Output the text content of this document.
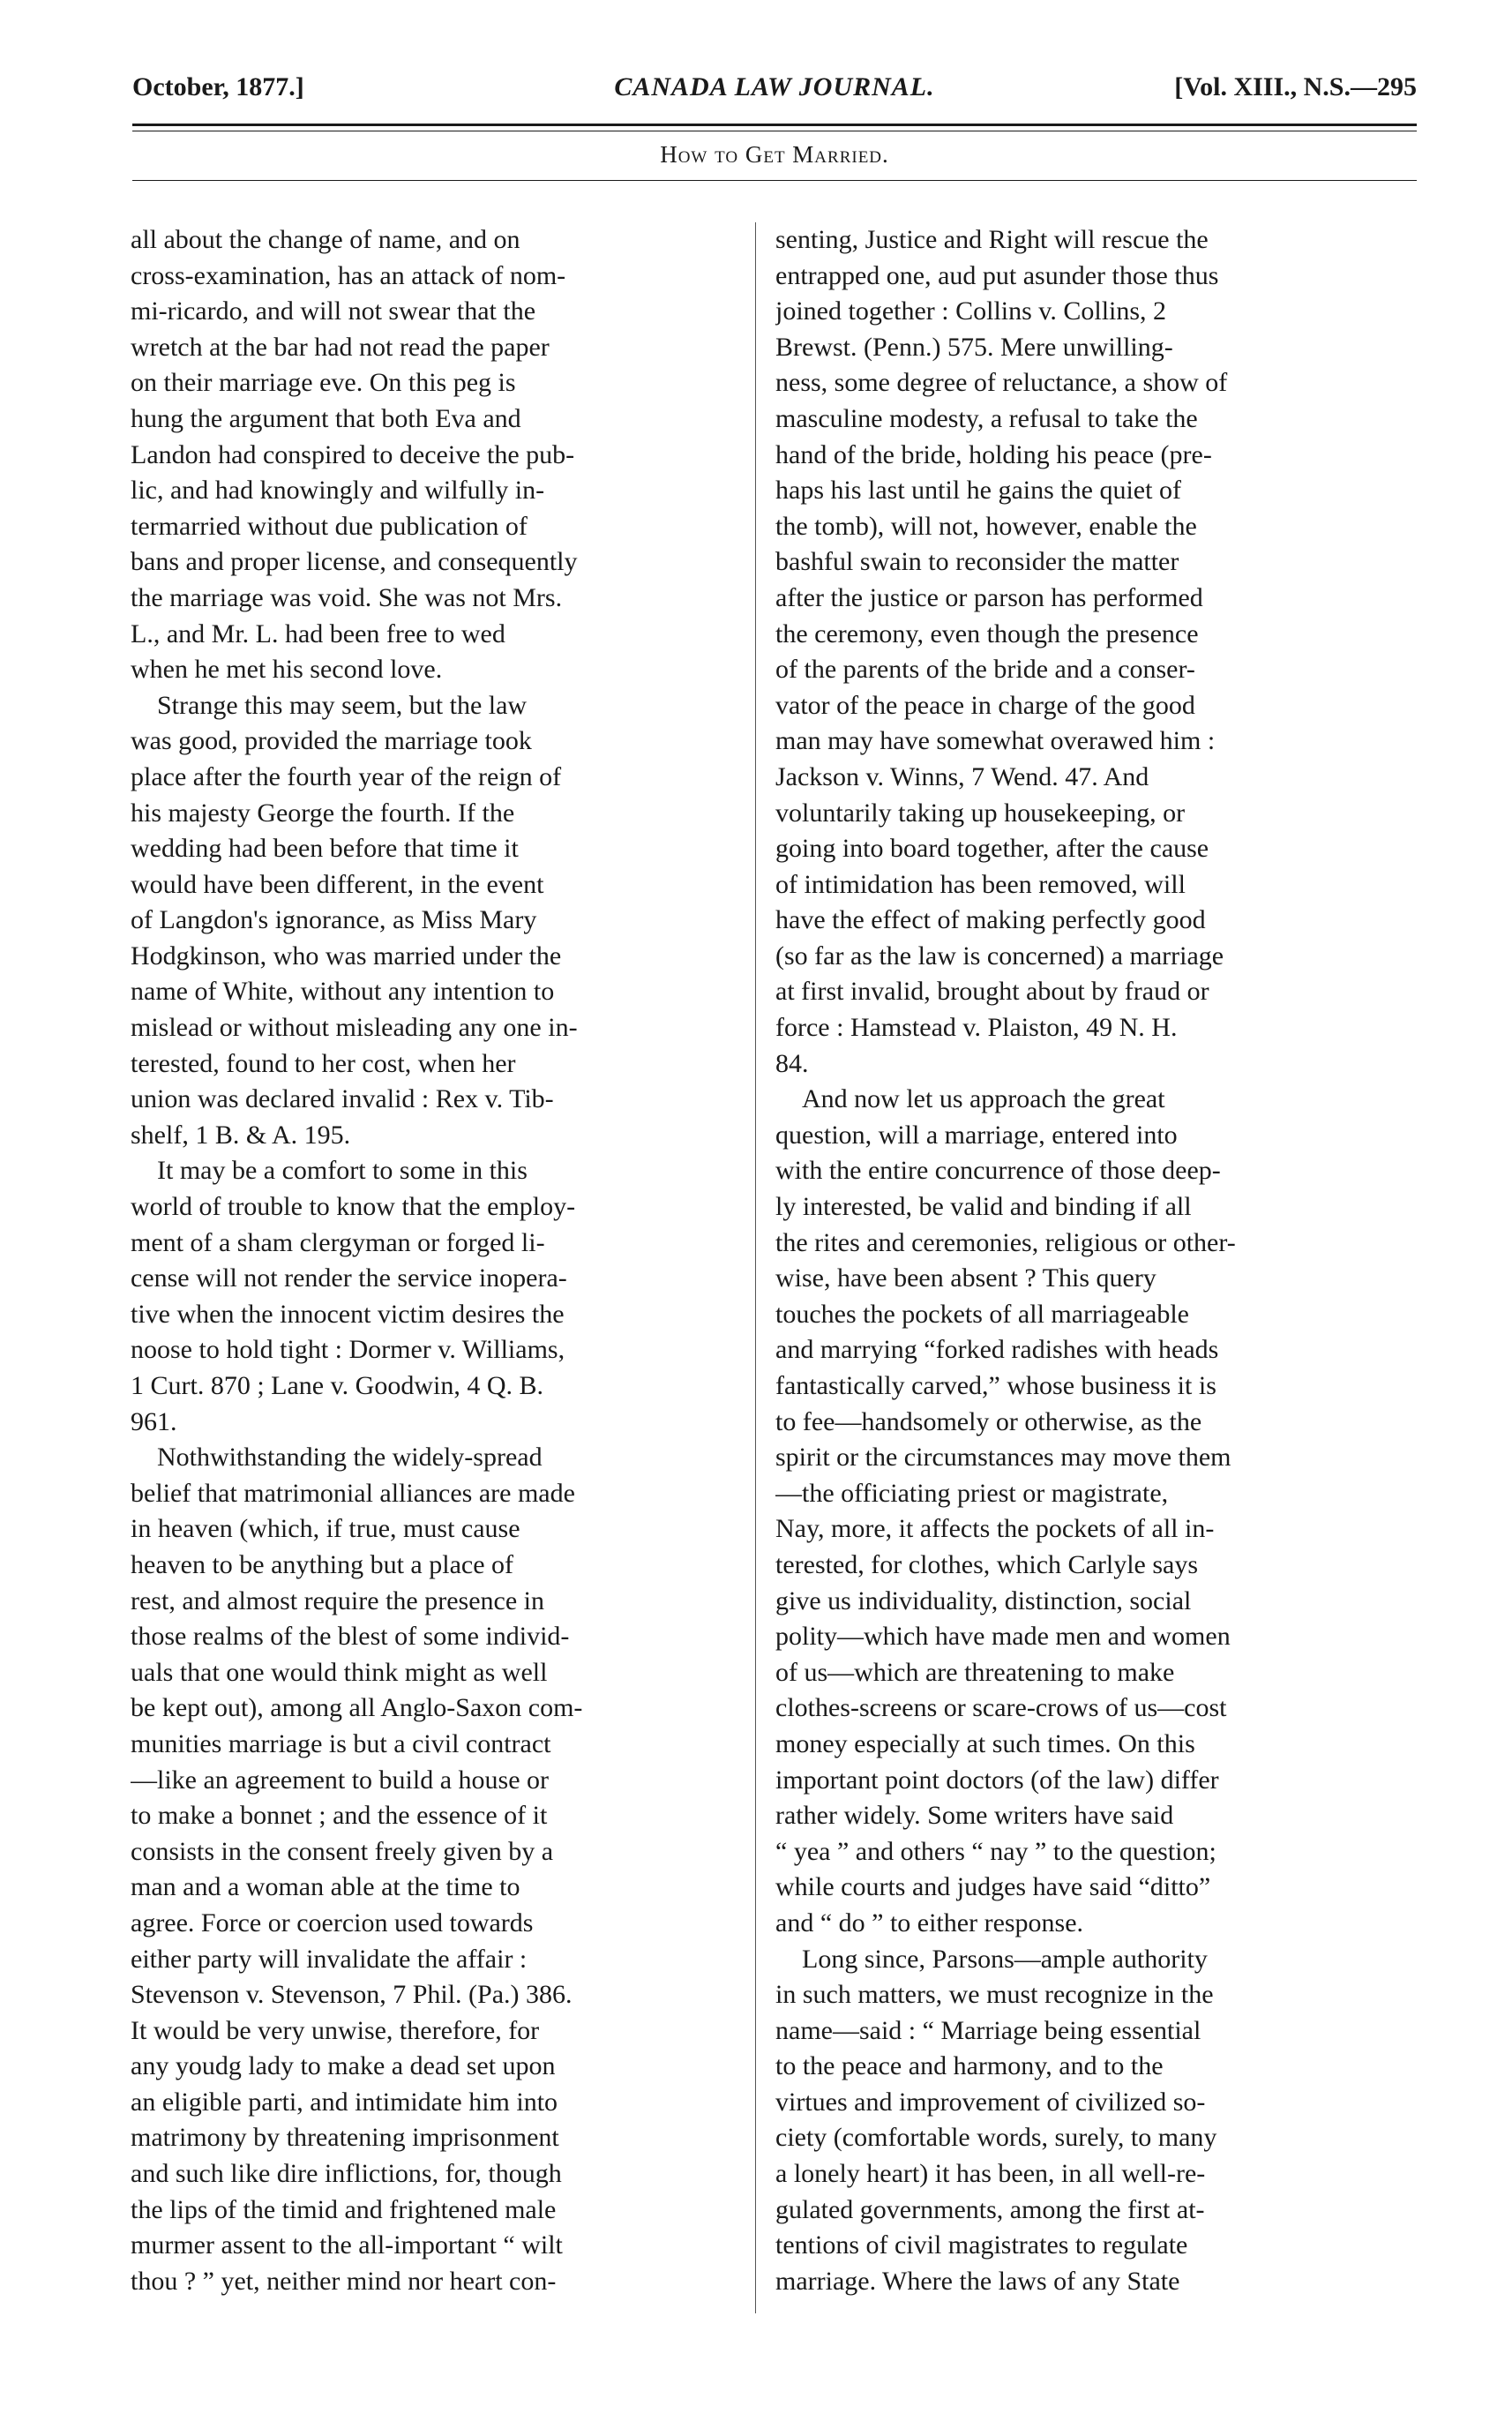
October, 1877.]	CANADA LAW JOURNAL.	[Vol. XIII., N.S.—295
How to Get Married.
all about the change of name, and on
cross-examination, has an attack of nom-
mi-ricardo, and will not swear that the
wretch at the bar had not read the paper
on their marriage eve. On this peg is
hung the argument that both Eva and
Landon had conspired to deceive the pub-
lic, and had knowingly and wilfully in-
termarried without due publication of
bans and proper license, and consequently
the marriage was void. She was not Mrs.
L., and Mr. L. had been free to wed
when he met his second love.
Strange this may seem, but the law
was good, provided the marriage took
place after the fourth year of the reign of
his majesty George the fourth. If the
wedding had been before that time it
would have been different, in the event
of Langdon's ignorance, as Miss Mary
Hodgkinson, who was married under the
name of White, without any intention to
mislead or without misleading any one in-
terested, found to her cost, when her
union was declared invalid : Rex v. Tib-
shelf, 1 B. & A. 195.
It may be a comfort to some in this
world of trouble to know that the employ-
ment of a sham clergyman or forged li-
cense will not render the service inopera-
tive when the innocent victim desires the
noose to hold tight : Dormer v. Williams,
1 Curt. 870 ; Lane v. Goodwin, 4 Q. B.
961.
Nothwithstanding the widely-spread
belief that matrimonial alliances are made
in heaven (which, if true, must cause
heaven to be anything but a place of
rest, and almost require the presence in
those realms of the blest of some individ-
uals that one would think might as well
be kept out), among all Anglo-Saxon com-
munities marriage is but a civil contract
—like an agreement to build a house or
to make a bonnet ; and the essence of it
consists in the consent freely given by a
man and a woman able at the time to
agree. Force or coercion used towards
either party will invalidate the affair :
Stevenson v. Stevenson, 7 Phil. (Pa.) 386.
It would be very unwise, therefore, for
any youdg lady to make a dead set upon
an eligible parti, and intimidate him into
matrimony by threatening imprisonment
and such like dire inflictions, for, though
the lips of the timid and frightened male
murmer assent to the all-important “ wilt
thou ? ” yet, neither mind nor heart con-
senting, Justice and Right will rescue the
entrapped one, aud put asunder those thus
joined together : Collins v. Collins, 2
Brewst. (Penn.) 575. Mere unwilling-
ness, some degree of reluctance, a show of
masculine modesty, a refusal to take the
hand of the bride, holding his peace (pre-
haps his last until he gains the quiet of
the tomb), will not, however, enable the
bashful swain to reconsider the matter
after the justice or parson has performed
the ceremony, even though the presence
of the parents of the bride and a conser-
vator of the peace in charge of the good
man may have somewhat overawed him :
Jackson v. Winns, 7 Wend. 47. And
voluntarily taking up housekeeping, or
going into board together, after the cause
of intimidation has been removed, will
have the effect of making perfectly good
(so far as the law is concerned) a marriage
at first invalid, brought about by fraud or
force : Hamstead v. Plaiston, 49 N. H.
84.
And now let us approach the great
question, will a marriage, entered into
with the entire concurrence of those deep-
ly interested, be valid and binding if all
the rites and ceremonies, religious or other-
wise, have been absent ? This query
touches the pockets of all marriageable
and marrying “forked radishes with heads
fantastically carved,” whose business it is
to fee—handsomely or otherwise, as the
spirit or the circumstances may move them
—the officiating priest or magistrate,
Nay, more, it affects the pockets of all in-
terested, for clothes, which Carlyle says
give us individuality, distinction, social
polity—which have made men and women
of us—which are threatening to make
clothes-screens or scare-crows of us—cost
money especially at such times. On this
important point doctors (of the law) differ
rather widely. Some writers have said
“ yea ” and others “ nay ” to the question;
while courts and judges have said “ditto”
and “ do ” to either response.
Long since, Parsons—ample authority
in such matters, we must recognize in the
name—said : “ Marriage being essential
to the peace and harmony, and to the
virtues and improvement of civilized so-
ciety (comfortable words, surely, to many
a lonely heart) it has been, in all well-re-
gulated governments, among the first at-
tentions of civil magistrates to regulate
marriage. Where the laws of any State
